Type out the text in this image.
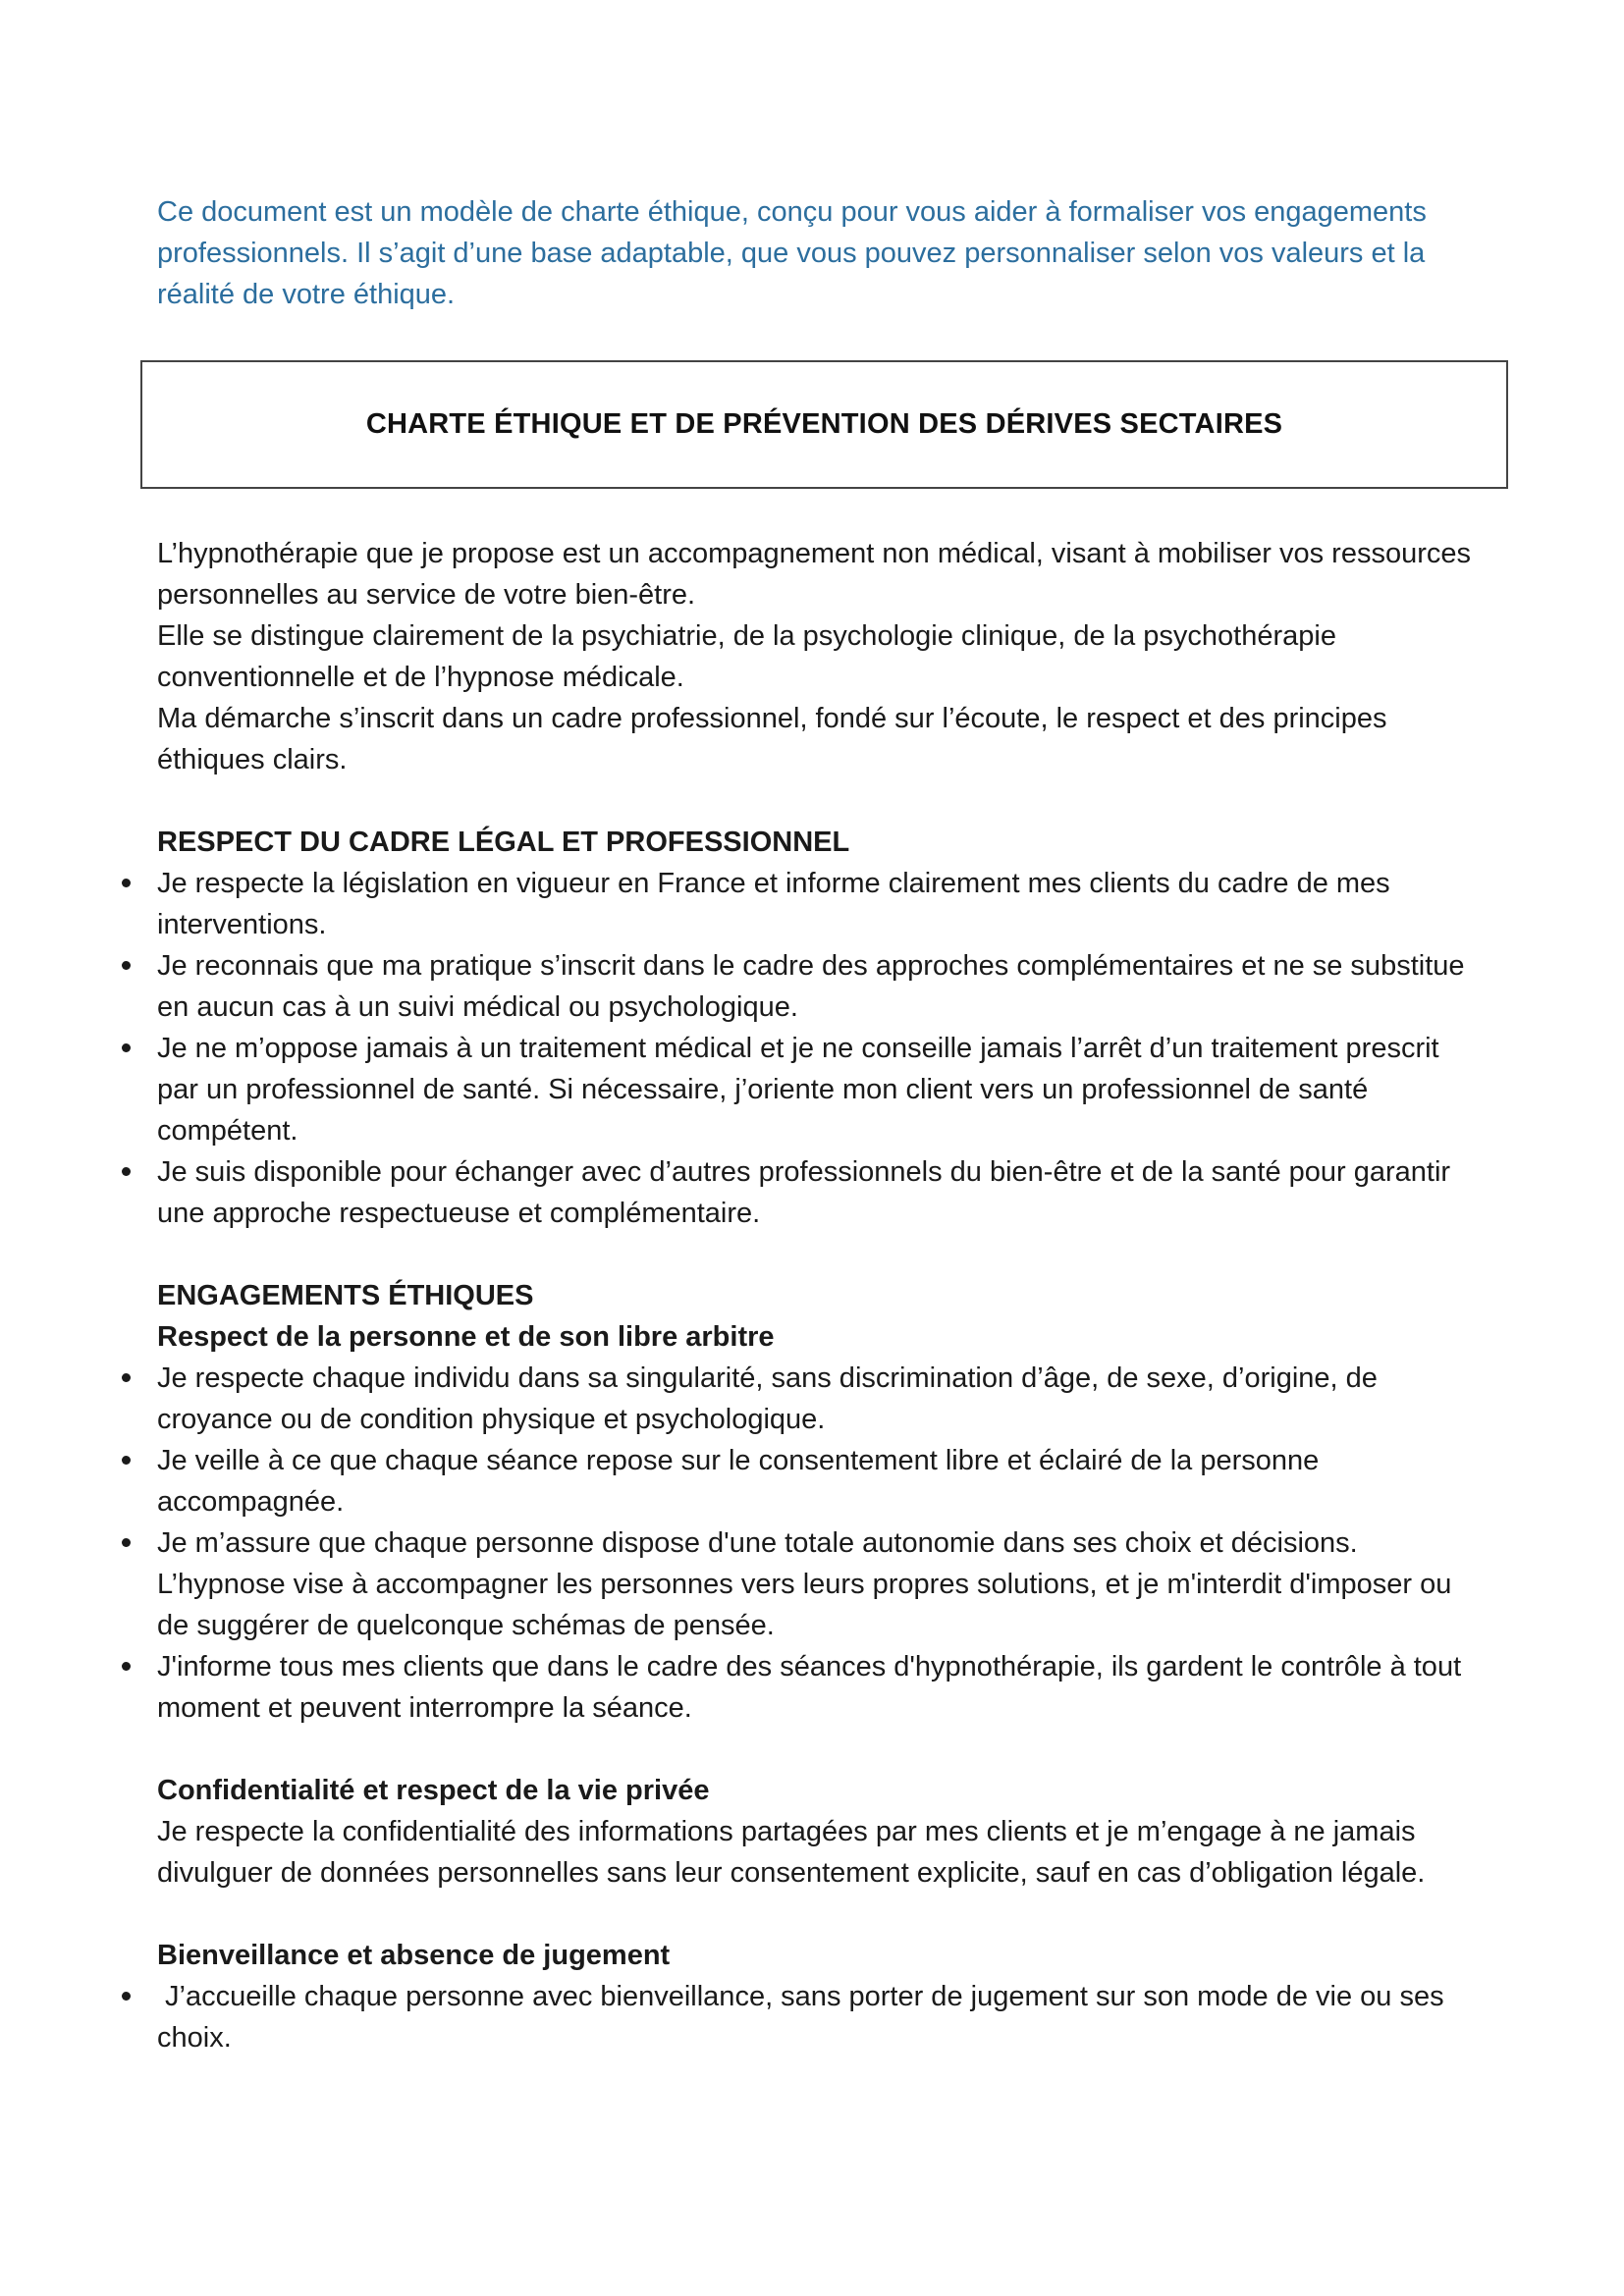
Ce document est un modèle de charte éthique, conçu pour vous aider à formaliser vos engagements
professionnels. Il s’agit d’une base adaptable, que vous pouvez personnaliser selon vos valeurs et la
réalité de votre éthique.
CHARTE ÉTHIQUE ET DE PRÉVENTION DES DÉRIVES SECTAIRES

L’hypnothérapie que je propose est un accompagnement non médical, visant à mobiliser vos ressources

personnelles au service de votre bien-être.

Elle se distingue clairement de la psychiatrie, de la psychologie clinique, de la psychothérapie

conventionnelle et de l’hypnose médicale.

Ma démarche s’inscrit dans un cadre professionnel, fondé sur l’écoute, le respect et des principes

éthiques clairs.

RESPECT DU CADRE LÉGAL ET PROFESSIONNEL

Je respecte la législation en vigueur en France et informe clairement mes clients du cadre de mes

interventions.

Je reconnais que ma pratique s’inscrit dans le cadre des approches complémentaires et ne se substitue

en aucun cas à un suivi médical ou psychologique.

Je ne m’oppose jamais à un traitement médical et je ne conseille jamais l’arrêt d’un traitement prescrit

par un professionnel de santé. Si nécessaire, j’oriente mon client vers un professionnel de santé

compétent.

Je suis disponible pour échanger avec d’autres professionnels du bien-être et de la santé pour garantir

une approche respectueuse et complémentaire.

ENGAGEMENTS ÉTHIQUES
Respect de la personne et de son libre arbitre

Je respecte chaque individu dans sa singularité, sans discrimination d’âge, de sexe, d’origine, de

croyance ou de condition physique et psychologique.

Je veille à ce que chaque séance repose sur le consentement libre et éclairé de la personne

accompagnée.

Je m’assure que chaque personne dispose d'une totale autonomie dans ses choix et décisions.

L’hypnose vise à accompagner les personnes vers leurs propres solutions, et je m'interdit d'imposer ou

de suggérer de quelconque schémas de pensée.

J'informe tous mes clients que dans le cadre des séances d'hypnothérapie, ils gardent le contrôle à tout

moment et peuvent interrompre la séance.

Confidentialité et respect de la vie privée

Je respecte la confidentialité des informations partagées par mes clients et je m’engage à ne jamais

divulguer de données personnelles sans leur consentement explicite, sauf en cas d’obligation légale.

Bienveillance et absence de jugement

J’accueille chaque personne avec bienveillance, sans porter de jugement sur son mode de vie ou ses

choix.
